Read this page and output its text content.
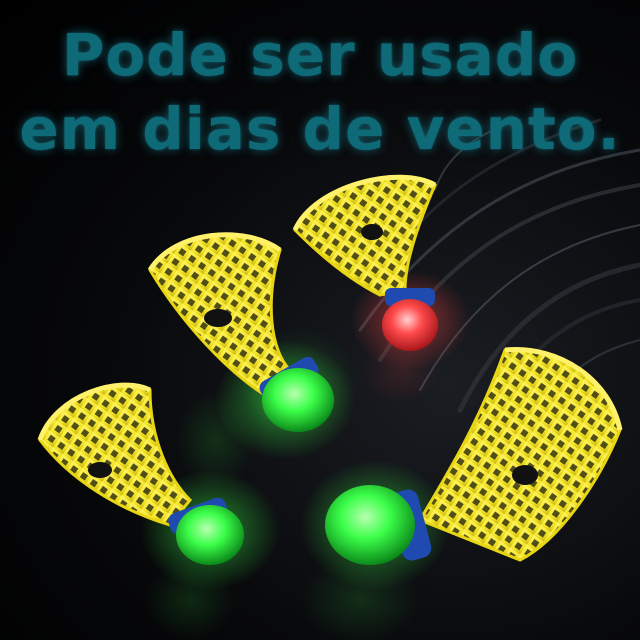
Pode ser usado
em dias de vento.
